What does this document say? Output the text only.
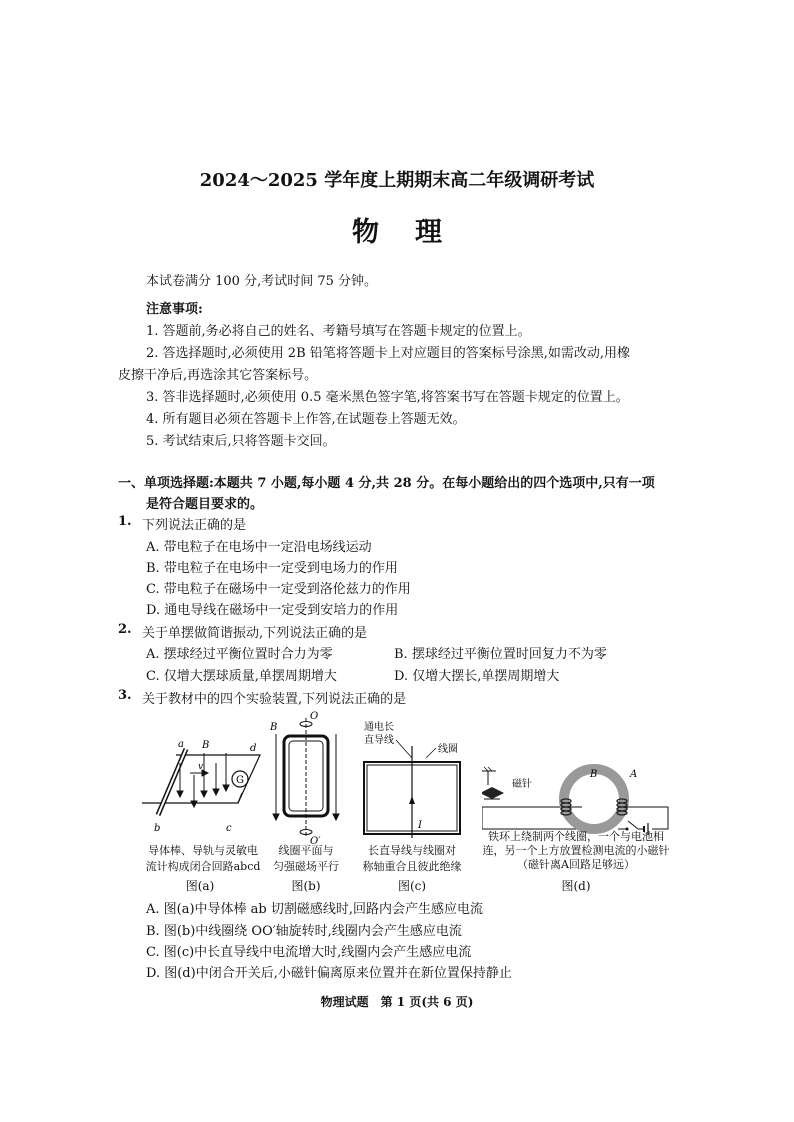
2024～2025 学年度上期期末高二年级调研考试
物理
本试卷满分 100 分,考试时间 75 分钟。
注意事项:
1. 答题前,务必将自己的姓名、考籍号填写在答题卡规定的位置上。
2. 答选择题时,必须使用 2B 铅笔将答题卡上对应题目的答案标号涂黑,如需改动,用橡
皮擦干净后,再选涂其它答案标号。
3. 答非选择题时,必须使用 0.5 毫米黑色签字笔,将答案书写在答题卡规定的位置上。
4. 所有题目必须在答题卡上作答,在试题卷上答题无效。
5. 考试结束后,只将答题卡交回。
一、单项选择题:本题共 7 小题,每小题 4 分,共 28 分。在每小题给出的四个选项中,只有一项
是符合题目要求的。
1. 下列说法正确的是
A. 带电粒子在电场中一定沿电场线运动
B. 带电粒子在电场中一定受到电场力的作用
C. 带电粒子在磁场中一定受到洛伦兹力的作用
D. 通电导线在磁场中一定受到安培力的作用
2. 关于单摆做简谐振动,下列说法正确的是
A. 摆球经过平衡位置时合力为零	B. 摆球经过平衡位置时回复力不为零
C. 仅增大摆球质量,单摆周期增大	D. 仅增大摆长,单摆周期增大
3. 关于教材中的四个实验装置,下列说法正确的是
G
a B	d
v
b	c
导体棒、导轨与灵敏电
流计构成闭合回路abcd
图(a)
O
O′
B
线圈平面与
匀强磁场平行
图(b)
通电长
直导线
线圈
I
长直导线与线圈对
称轴重合且彼此绝缘
图(c)
磁针
B	A
铁环上绕制两个线圈，一个与电池相
连，另一个上方放置检测电流的小磁针
（磁针离A回路足够远）
图(d)
A. 图(a)中导体棒 ab 切割磁感线时,回路内会产生感应电流
B. 图(b)中线圈绕 OO′轴旋转时,线圈内会产生感应电流
C. 图(c)中长直导线中电流增大时,线圈内会产生感应电流
D. 图(d)中闭合开关后,小磁针偏离原来位置并在新位置保持静止
物理试题　第 1 页(共 6 页)
